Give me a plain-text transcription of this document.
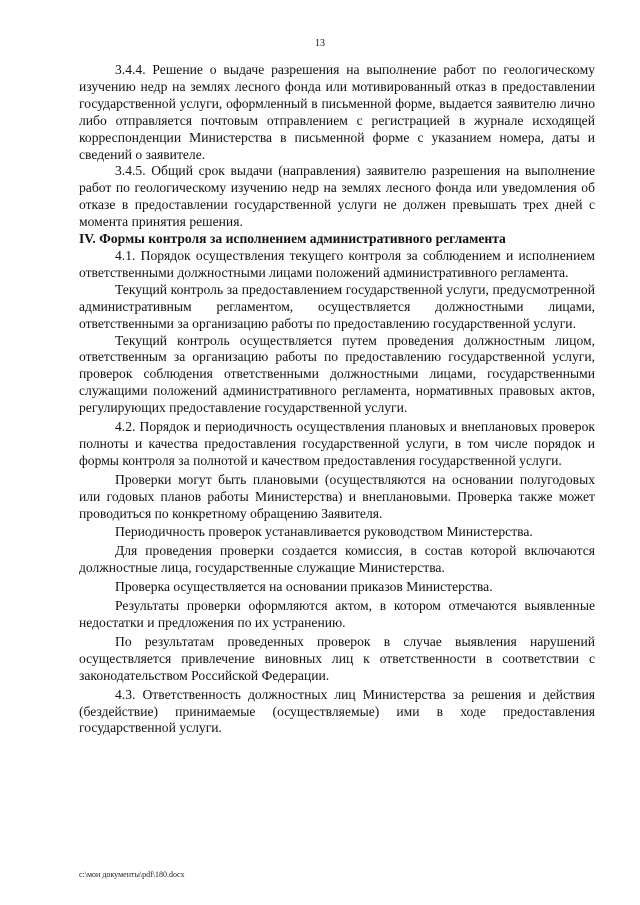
13

3.4.4. Решение о выдаче разрешения на выполнение работ по геологическому изучению недр на землях лесного фонда или мотивированный отказ в предоставлении государственной услуги, оформленный в письменной форме, выдается заявителю лично либо отправляется почтовым отправлением с регистрацией в журнале исходящей корреспонденции Министерства в письменной форме с указанием номера, даты и сведений о заявителе.

3.4.5. Общий срок выдачи (направления) заявителю разрешения на выполнение работ по геологическому изучению недр на землях лесного фонда или уведомления об отказе в предоставлении государственной услуги не должен превышать трех дней с момента принятия решения.

IV. Формы контроля за исполнением административного регламента

4.1. Порядок осуществления текущего контроля за соблюдением и исполнением ответственными должностными лицами положений административного регламента.

Текущий контроль за предоставлением государственной услуги, предусмотренной административным регламентом, осуществляется должностными лицами, ответственными за организацию работы по предоставлению государственной услуги.

Текущий контроль осуществляется путем проведения должностным лицом, ответственным за организацию работы по предоставлению государственной услуги, проверок соблюдения ответственными должностными лицами, государственными служащими положений административного регламента, нормативных правовых актов, регулирующих предоставление государственной услуги.

4.2. Порядок и периодичность осуществления плановых и внеплановых проверок полноты и качества предоставления государственной услуги, в том числе порядок и формы контроля за полнотой и качеством предоставления государственной услуги.

Проверки могут быть плановыми (осуществляются на основании полугодовых или годовых планов работы Министерства) и внеплановыми. Проверка также может проводиться по конкретному обращению Заявителя.

Периодичность проверок устанавливается руководством Министерства.

Для проведения проверки создается комиссия, в состав которой включаются должностные лица, государственные служащие Министерства.

Проверка осуществляется на основании приказов Министерства.

Результаты проверки оформляются актом, в котором отмечаются выявленные недостатки и предложения по их устранению.

По результатам проведенных проверок в случае выявления нарушений осуществляется привлечение виновных лиц к ответственности в соответствии с законодательством Российской Федерации.

4.3. Ответственность должностных лиц Министерства за решения и действия (бездействие) принимаемые (осуществляемые) ими в ходе предоставления государственной услуги.

c:\мои документы\pdf\180.docx
